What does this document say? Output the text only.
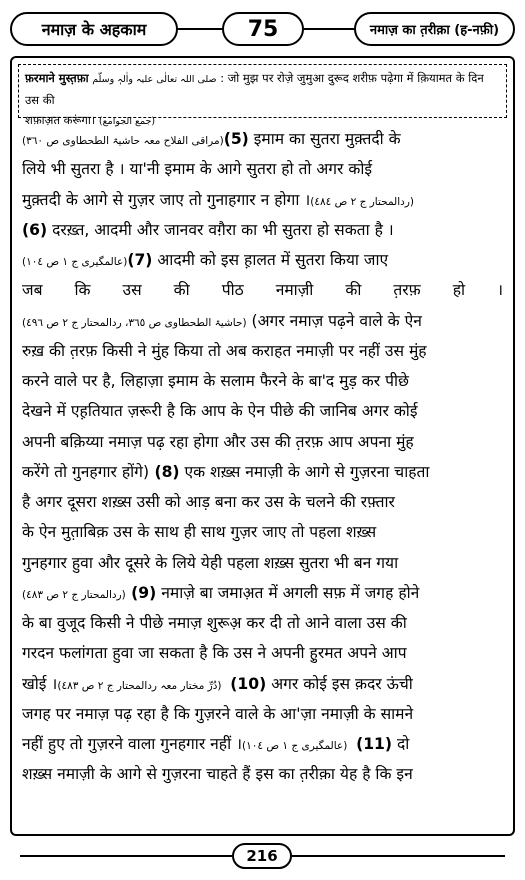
नमाज़ के अहकाम	75	नमाज़ का त़रीक़ा (ह-नफ़ी)
फ़रमाने मुस्त़फ़ा صلی اللہ تعالٰی علیہ واٰلہٖ وسلّم : जो मुझ पर रोज़े जुमुआ दुरूद शरीफ़ पढ़ेगा में क़ियामत के दिन उस की
शफ़ाअ़त करूंगा। (جمع الجوامع)
(مراقی الفلاح معہ حاشیۃ الطحطاوی ص ٣٦٠)(5) इमाम का सुतरा मुक़्तदी के
लिये भी सुतरा है । या'नी इमाम के आगे सुतरा हो तो अगर कोई
मुक़्तदी के आगे से गुज़र जाए तो गुनाहगार न होगा ।(ردالمحتار ج ٢ ص ٤٨٤)
(6) दरख़्त, आदमी और जानवर वग़ैरा का भी सुतरा हो सकता है ।
(عالمگیری ج ١ ص ١٠٤)(7) आदमी को इस ह़ालत में सुतरा किया जाए
जब कि उस की पीठ नमाज़ी की त़रफ़ हो ।
(حاشیۃ الطحطاوی ص ٣٦٥، ردالمحتار ج ٢ ص ٤٩٦) (अगर नमाज़ पढ़ने वाले के ऐन
रुख़ की त़रफ़ किसी ने मुंह किया तो अब कराहत नमाज़ी पर नहीं उस मुंह
करने वाले पर है, लिहाज़ा इमाम के सलाम फैरने के बा'द मुड़ कर पीछे
देखने में एह़तियात ज़रूरी है कि आप के ऐन पीछे की जानिब अगर कोई
अपनी बक़िय्या नमाज़ पढ़ रहा होगा और उस की त़रफ़ आप अपना मुंह
करेंगे तो गुनहगार होंगे) (8) एक शख़्स नमाज़ी के आगे से गुज़रना चाहता
है अगर दूसरा शख़्स उसी को आड़ बना कर उस के चलने की रफ़्तार
के ऐन मुत़ाबिक़ उस के साथ ही साथ गुज़र जाए तो पहला शख़्स
गुनहगार हुवा और दूसरे के लिये येही पहला शख़्स सुतरा भी बन गया
(ردالمحتار ج ٢ ص ٤٨٣) (9) नमाज़े बा जमाअ़त में अगली सफ़ में जगह होने
के बा वुजूद किसी ने पीछे नमाज़ शुरूअ़ कर दी तो आने वाला उस की
गरदन फलांगता हुवा जा सकता है कि उस ने अपनी हु़रमत अपने आप
खोई । (دُرِّ مختار معہ ردالمحتار ج ٢ ص ٤٨٣) (10) अगर कोई इस क़दर ऊंची
जगह पर नमाज़ पढ़ रहा है कि गुज़रने वाले के आ'ज़ा नमाज़ी के सामने
नहीं हुए तो गुज़रने वाला गुनहगार नहीं । (عالمگیری ج ١ ص ١٠٤) (11) दो
शख़्स नमाज़ी के आगे से गुज़रना चाहते हैं इस का त़रीक़ा येह है कि इन
216
